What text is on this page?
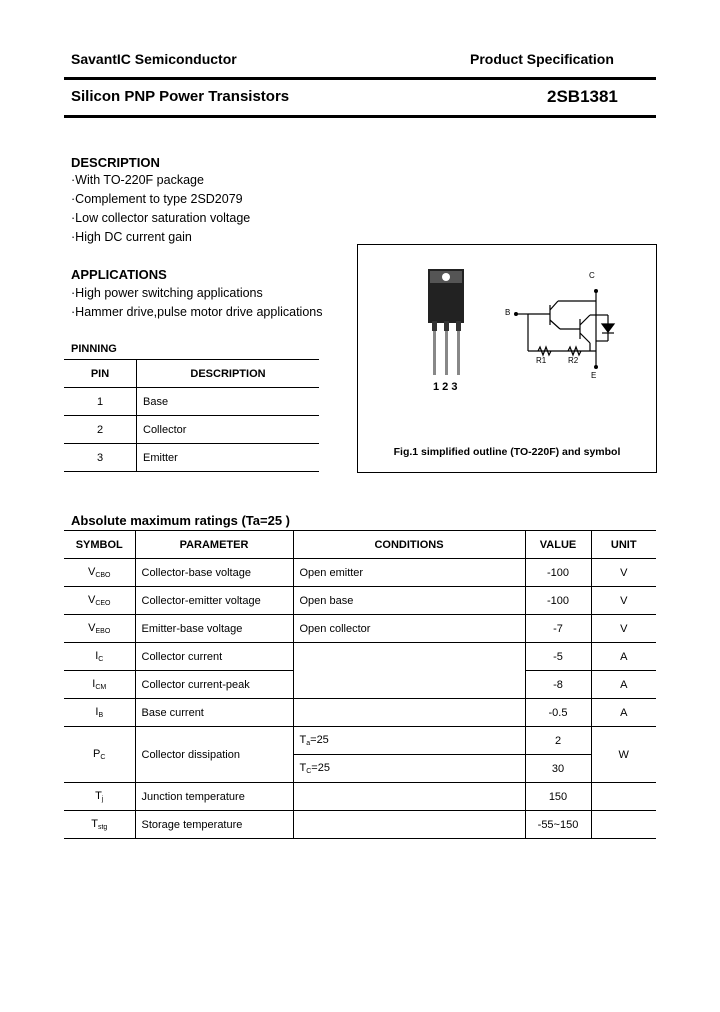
SavantIC Semiconductor	Product Specification
Silicon PNP Power Transistors	2SB1381
DESCRIPTION
·With TO-220F package
·Complement to type 2SD2079
·Low collector saturation voltage
·High DC current gain
APPLICATIONS
·High power switching applications
·Hammer drive,pulse motor drive applications
PINNING
PIN	DESCRIPTION
1	Base
2	Collector
3	Emitter
C
B
E
R1	R2
1 2 3
Fig.1 simplified outline (TO-220F) and symbol
Absolute maximum ratings (Ta=25 )
SYMBOL	PARAMETER	CONDITIONS	VALUE	UNIT
$V_{CBO}$	Collector-base voltage	Open emitter	-100	V
$V_{CEO}$	Collector-emitter voltage	Open base	-100	V
$V_{EBO}$	Emitter-base voltage	Open collector	-7	V
$I_C$	Collector current		-5	A
$I_{CM}$	Collector current-peak		-8	A
$I_B$	Base current		-0.5	A
$P_C$	Collector dissipation	$T_a=25$	2	W
		$T_C=25$	30	
$T_j$	Junction temperature		150	
$T_{stg}$	Storage temperature		-55~150	
